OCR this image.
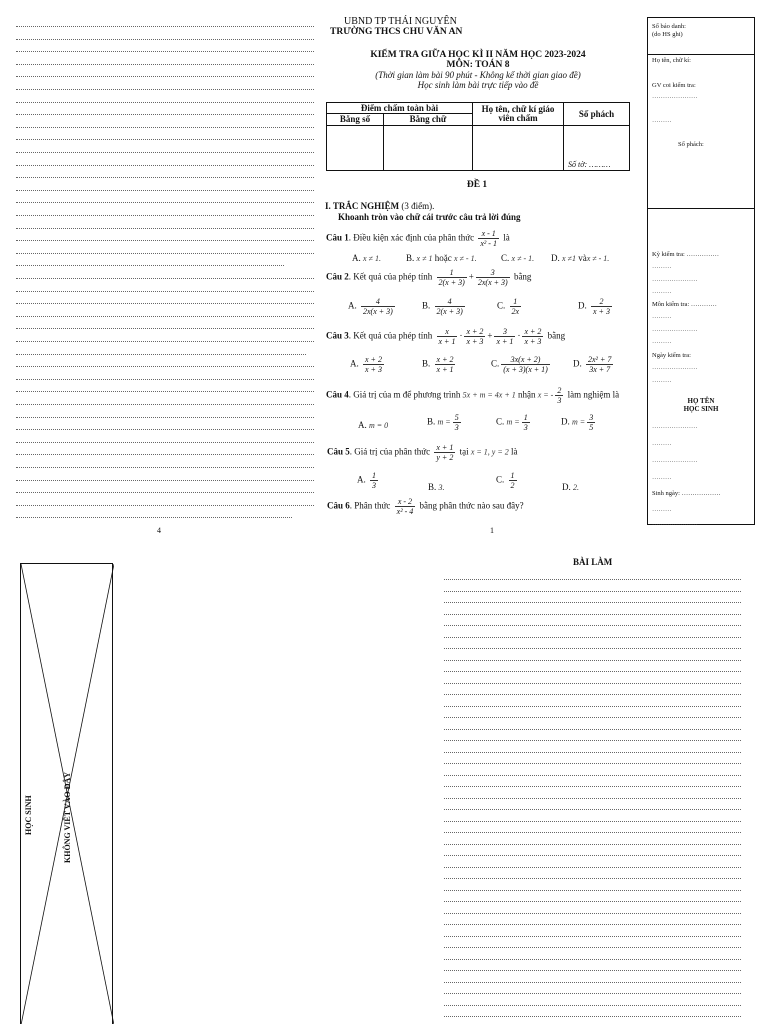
UBND TP THÁI NGUYÊN
TRƯỜNG THCS CHU VĂN AN
KIỂM TRA GIỮA HỌC KÌ II NĂM HỌC 2023-2024
MÔN: TOÁN 8
(Thời gian làm bài 90 phút - Không kể thời gian giao đề)
Học sinh làm bài trực tiếp vào đề
Điểm chấm toàn bài		Họ tên, chữ kí giáo viên chấm	Số phách
Bằng số	Bằng chữ		
			Số tờ: ………
ĐỀ 1
I. TRẮC NGHIỆM (3 điểm).
Khoanh tròn vào chữ cái trước câu trả lời đúng
Câu 1. Điều kiện xác định của phân thức $\frac{x - 1}{\text{x² - 1}}$ là
A. x ≠ 1.	B. x ≠ 1 hoặc x ≠ - 1.	C. x ≠ - 1. D. x ≠1 vàx ≠ - 1.
Câu 2. Kết quả của phép tính $\frac{1}{2(x + 3)} + \frac{3}{2x(x + 3)}$ bằng
A. $\frac{4}{2x(x + 3)}$	B. $\frac{4}{2(x + 3)}$	C. $\frac{1}{2x}$	D. $\frac{2}{x + 3}$
Câu 3. Kết quả của phép tính $\frac{x}{x + 1} \cdot \frac{x + 2}{x + 3} + \frac{3}{x + 1} \cdot \frac{x + 2}{x + 3}$ bằng
A. $\frac{x + 2}{x + 3}$	B. $\frac{x + 2}{x + 1}$	C. $\frac{3x(x + 2)}{(x + 3)(x + 1)}$	D. $\frac{\text{2x² + 7}}{3x + 7}$
Câu 4. Giá trị của m để phương trình 5x + m = 4x + 1 nhận x = - $\frac{2}{3}$ làm nghiệm là
A. m = 0	B. $m = \frac{5}{3}$	C. $m = \frac{1}{3}$	D. $m = \frac{3}{5}$
Câu 5. Giá trị của phân thức $\frac{x + 1}{y + 2}$ tại x = 1, y = 2 là
A. $\frac{1}{3}$	B. 3.
C. $\frac{1}{2}$	D. 2.
Câu 6. Phân thức $\frac{x - 2}{\text{x² - 4}}$ bằng phân thức nào sau đây?
4	1
Số báo danh:
(do HS ghi)
Họ tên, chữ kí:
GV coi kiểm tra:
…………………
………
Số phách:
Kỳ kiểm tra: ……………
………
…………………
………
Môn kiểm tra: …………
………
…………………
………
Ngày kiểm tra:
…………………
………
HỌ TÊN
HỌC SINH
…………………
………
…………………
………
Sinh ngày: ………………
………
…………………
HỌC SINH	KHÔNG VIẾT VÀO ĐÂY
BÀI LÀM
